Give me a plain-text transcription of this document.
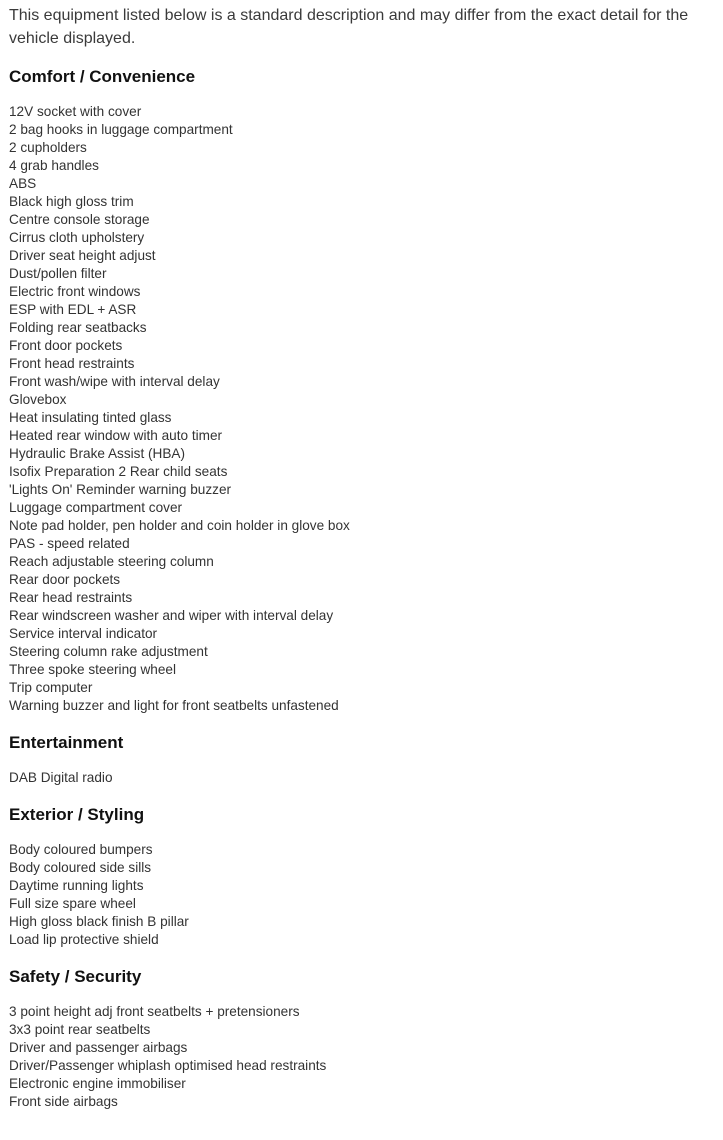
This equipment listed below is a standard description and may differ from the exact detail for the vehicle displayed.

Comfort / Convenience
12V socket with cover
2 bag hooks in luggage compartment
2 cupholders
4 grab handles
ABS
Black high gloss trim
Centre console storage
Cirrus cloth upholstery
Driver seat height adjust
Dust/pollen filter
Electric front windows
ESP with EDL + ASR
Folding rear seatbacks
Front door pockets
Front head restraints
Front wash/wipe with interval delay
Glovebox
Heat insulating tinted glass
Heated rear window with auto timer
Hydraulic Brake Assist (HBA)
Isofix Preparation 2 Rear child seats
'Lights On' Reminder warning buzzer
Luggage compartment cover
Note pad holder, pen holder and coin holder in glove box
PAS - speed related
Reach adjustable steering column
Rear door pockets
Rear head restraints
Rear windscreen washer and wiper with interval delay
Service interval indicator
Steering column rake adjustment
Three spoke steering wheel
Trip computer
Warning buzzer and light for front seatbelts unfastened
Entertainment
DAB Digital radio
Exterior / Styling
Body coloured bumpers
Body coloured side sills
Daytime running lights
Full size spare wheel
High gloss black finish B pillar
Load lip protective shield
Safety / Security
3 point height adj front seatbelts + pretensioners
3x3 point rear seatbelts
Driver and passenger airbags
Driver/Passenger whiplash optimised head restraints
Electronic engine immobiliser
Front side airbags
